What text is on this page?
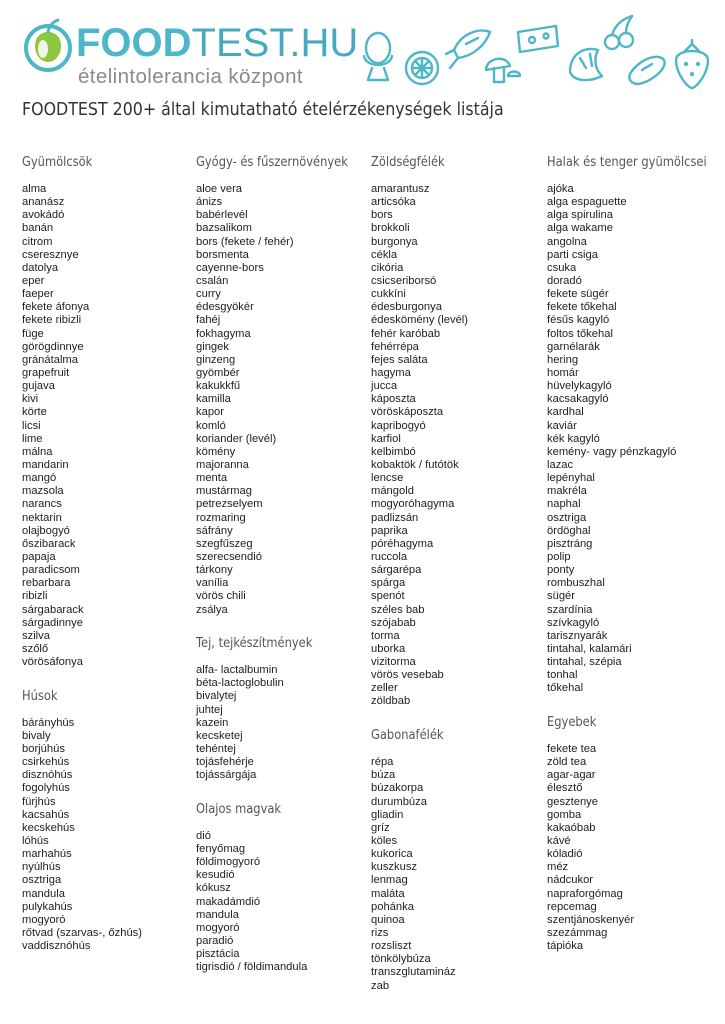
FOODTEST.HU
ételintolerancia központ
FOODTEST 200+ által kimutatható ételérzékenységek listája
Gyümölcsök
alma
ananász
avokádó
banán
citrom
cseresznye
datolya
eper
faeper
fekete áfonya
fekete ribizli
füge
görögdinnye
gránátalma
grapefruit
gujava
kivi
körte
licsi
lime
málna
mandarin
mangó
mazsola
narancs
nektarin
olajbogyó
őszibarack
papaja
paradicsom
rebarbara
ribizli
sárgabarack
sárgadinnye
szilva
szőlő
vörösáfonya
Húsok
bárányhús
bivaly
borjúhús
csirkehús
disznóhús
fogolyhús
fürjhús
kacsahús
kecskehús
lóhús
marhahús
nyúlhús
osztriga
mandula
pulykahús
mogyoró
rőtvad (szarvas-, őzhús)
vaddisznóhús
Gyógy- és fűszernövények
aloe vera
ánizs
babérlevél
bazsalikom
bors (fekete / fehér)
borsmenta
cayenne-bors
csalán
curry
édesgyökér
fahéj
fokhagyma
gingek
ginzeng
gyömbér
kakukkfű
kamilla
kapor
komló
koriander (levél)
kömény
majoranna
menta
mustármag
petrezselyem
rozmaring
sáfrány
szegfűszeg
szerecsendió
tárkony
vanília
vörös chili
zsálya
Tej, tejkészítmények
alfa- lactalbumin
béta-lactoglobulin
bivalytej
juhtej
kazein
kecsketej
tehéntej
tojásfehérje
tojássárgája
Olajos magvak
dió
fenyőmag
földimogyoró
kesudió
kókusz
makadámdió
mandula
mogyoró
paradió
pisztácia
tigrisdió / földimandula
Zöldségfélék
amarantusz
articsóka
bors
brokkoli
burgonya
cékla
cikória
csicseriborsó
cukkíni
édesburgonya
édeskömény (levél)
fehér karóbab
fehérrépa
fejes saláta
hagyma
jucca
káposzta
vöröskáposzta
kapribogyó
karfiol
kelbimbó
kobaktök / futótök
lencse
mángold
mogyoróhagyma
padlizsán
paprika
póréhagyma
ruccola
sárgarépa
spárga
spenót
széles bab
szójabab
torma
uborka
vizitorma
vörös vesebab
zeller
zöldbab
Gabonafélék
répa
búza
búzakorpa
durumbúza
gliadin
gríz
köles
kukorica
kuszkusz
lenmag
maláta
pohánka
quinoa
rizs
rozsliszt
tönkölybúza
transzglutamináz
zab
Halak és tenger gyümölcsei
ajóka
alga espaguette
alga spirulina
alga wakame
angolna
parti csiga
csuka
doradó
fekete sügér
fekete tőkehal
fésűs kagyló
foltos tőkehal
garnélarák
hering
homár
hüvelykagyló
kacsakagyló
kardhal
kaviár
kék kagyló
kemény- vagy pénzkagyló
lazac
lepényhal
makréla
naphal
osztriga
ördöghal
pisztráng
polip
ponty
rombuszhal
sügér
szardínia
szívkagyló
tarisznyarák
tintahal, kalamári
tintahal, szépia
tonhal
tőkehal
Egyebek
fekete tea
zöld tea
agar-agar
élesztő
gesztenye
gomba
kakaóbab
kávé
kóladió
méz
nádcukor
napraforgómag
repcemag
szentjánoskenyér
szezámmag
tápióka
